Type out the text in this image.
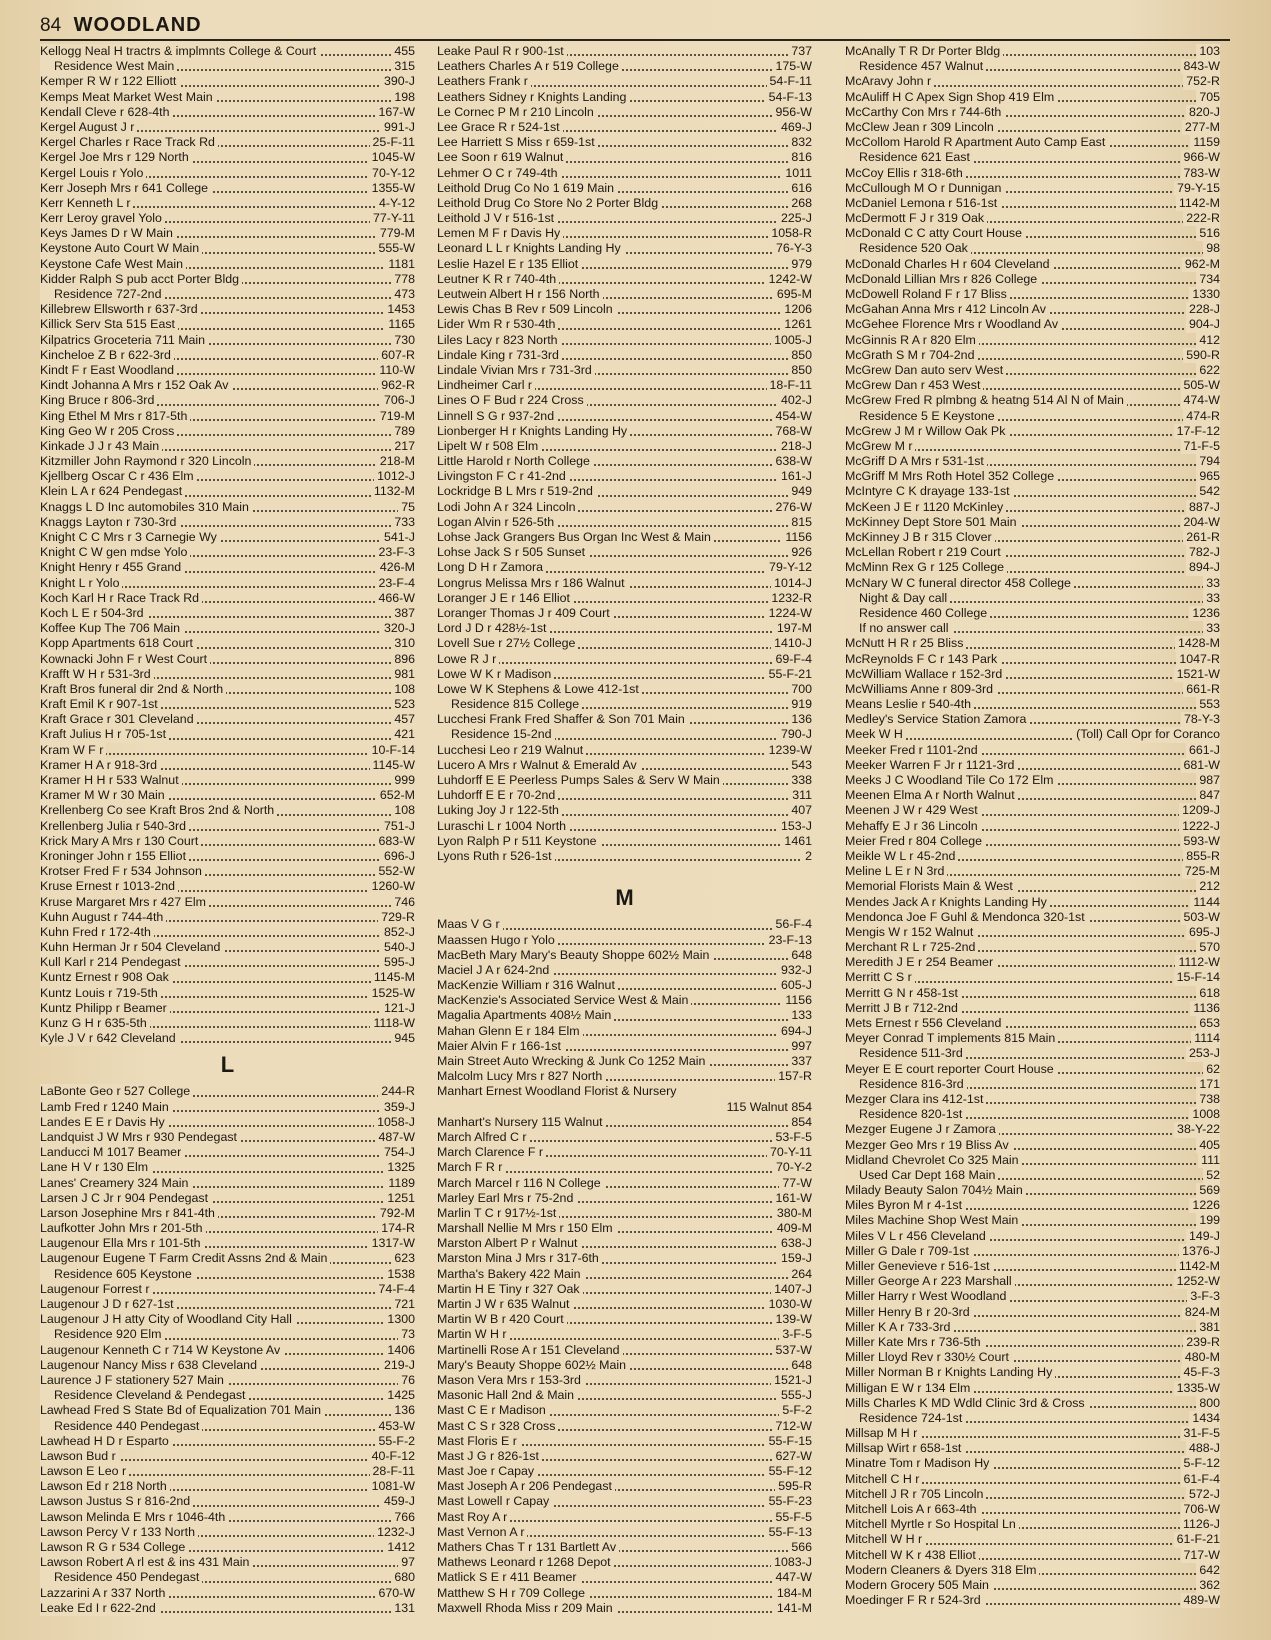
84 WOODLAND
Kellogg Neal H tractrs & implmnts College & Court	455
Residence West Main	315
Kemper R W r 122 Elliott	390-J
Kemps Meat Market West Main	198
Kendall Cleve r 628-4th	167-W
Kergel August J r	991-J
Kergel Charles r Race Track Rd	25-F-11
Kergel Joe Mrs r 129 North	1045-W
Kergel Louis r Yolo	70-Y-12
Kerr Joseph Mrs r 641 College	1355-W
Kerr Kenneth L r	4-Y-12
Kerr Leroy gravel Yolo	77-Y-11
Keys James D r W Main	779-M
Keystone Auto Court W Main	555-W
Keystone Cafe West Main	1181
Kidder Ralph S pub acct Porter Bldg	778
Residence 727-2nd	473
Killebrew Ellsworth r 637-3rd	1453
Killick Serv Sta 515 East	1165
Kilpatrics Groceteria 711 Main	730
Kincheloe Z B r 622-3rd	607-R
Kindt F r East Woodland	110-W
Kindt Johanna A Mrs r 152 Oak Av	962-R
King Bruce r 806-3rd	706-J
King Ethel M Mrs r 817-5th	719-M
King Geo W r 205 Cross	789
Kinkade J J r 43 Main	217
Kitzmiller John Raymond r 320 Lincoln	218-M
Kjellberg Oscar C r 436 Elm	1012-J
Klein L A r 624 Pendegast	1132-M
Knaggs L D Inc automobiles 310 Main	75
Knaggs Layton r 730-3rd	733
Knight C C Mrs r 3 Carnegie Wy	541-J
Knight C W gen mdse Yolo	23-F-3
Knight Henry r 455 Grand	426-M
Knight L r Yolo	23-F-4
Koch Karl H r Race Track Rd	466-W
Koch L E r 504-3rd	387
Koffee Kup The 706 Main	320-J
Kopp Apartments 618 Court	310
Kownacki John F r West Court	896
Krafft W H r 531-3rd	981
Kraft Bros funeral dir 2nd & North	108
Kraft Emil K r 907-1st	523
Kraft Grace r 301 Cleveland	457
Kraft Julius H r 705-1st	421
Kram W F r	10-F-14
Kramer H A r 918-3rd	1145-W
Kramer H H r 533 Walnut	999
Kramer M W r 30 Main	652-M
Krellenberg Co see Kraft Bros 2nd & North	108
Krellenberg Julia r 540-3rd	751-J
Krick Mary A Mrs r 130 Court	683-W
Kroninger John r 155 Elliot	696-J
Krotser Fred F r 534 Johnson	552-W
Kruse Ernest r 1013-2nd	1260-W
Kruse Margaret Mrs r 427 Elm	746
Kuhn August r 744-4th	729-R
Kuhn Fred r 172-4th	852-J
Kuhn Herman Jr r 504 Cleveland	540-J
Kull Karl r 214 Pendegast	595-J
Kuntz Ernest r 908 Oak	1145-M
Kuntz Louis r 719-5th	1525-W
Kuntz Philipp r Beamer	121-J
Kunz G H r 635-5th	1118-W
Kyle J V r 642 Cleveland	945
L
LaBonte Geo r 527 College	244-R
Lamb Fred r 1240 Main	359-J
Landes E E r Davis Hy	1058-J
Landquist J W Mrs r 930 Pendegast	487-W
Landucci M 1017 Beamer	754-J
Lane H V r 130 Elm	1325
Lanes' Creamery 324 Main	1189
Larsen J C Jr r 904 Pendegast	1251
Larson Josephine Mrs r 841-4th	792-M
Laufkotter John Mrs r 201-5th	174-R
Laugenour Ella Mrs r 101-5th	1317-W
Laugenour Eugene T Farm Credit Assns 2nd & Main	623
Residence 605 Keystone	1538
Laugenour Forrest r	74-F-4
Laugenour J D r 627-1st	721
Laugenour J H atty City of Woodland City Hall	1300
Residence 920 Elm	73
Laugenour Kenneth C r 714 W Keystone Av	1406
Laugenour Nancy Miss r 638 Cleveland	219-J
Laurence J F stationery 527 Main	76
Residence Cleveland & Pendegast	1425
Lawhead Fred S State Bd of Equalization 701 Main	136
Residence 440 Pendegast	453-W
Lawhead H D r Esparto	55-F-2
Lawson Bud r	40-F-12
Lawson E Leo r	28-F-11
Lawson Ed r 218 North	1081-W
Lawson Justus S r 816-2nd	459-J
Lawson Melinda E Mrs r 1046-4th	766
Lawson Percy V r 133 North	1232-J
Lawson R G r 534 College	1412
Lawson Robert A rl est & ins 431 Main	97
Residence 450 Pendegast	680
Lazzarini A r 337 North	670-W
Leake Ed I r 622-2nd	131
Leake Paul R r 900-1st	737
Leathers Charles A r 519 College	175-W
Leathers Frank r	54-F-11
Leathers Sidney r Knights Landing	54-F-13
Le Cornec P M r 210 Lincoln	956-W
Lee Grace R r 524-1st	469-J
Lee Harriett S Miss r 659-1st	832
Lee Soon r 619 Walnut	816
Lehmer O C r 749-4th	1011
Leithold Drug Co No 1 619 Main	616
Leithold Drug Co Store No 2 Porter Bldg	268
Leithold J V r 516-1st	225-J
Lemen M F r Davis Hy	1058-R
Leonard L L r Knights Landing Hy	76-Y-3
Leslie Hazel E r 135 Elliot	979
Leutner K R r 740-4th	1242-W
Leutwein Albert H r 156 North	695-M
Lewis Chas B Rev r 509 Lincoln	1206
Lider Wm R r 530-4th	1261
Liles Lacy r 823 North	1005-J
Lindale King r 731-3rd	850
Lindale Vivian Mrs r 731-3rd	850
Lindheimer Carl r	18-F-11
Lines O F Bud r 224 Cross	402-J
Linnell S G r 937-2nd	454-W
Lionberger H r Knights Landing Hy	768-W
Lipelt W r 508 Elm	218-J
Little Harold r North College	638-W
Livingston F C r 41-2nd	161-J
Lockridge B L Mrs r 519-2nd	949
Lodi John A r 324 Lincoln	276-W
Logan Alvin r 526-5th	815
Lohse Jack Grangers Bus Organ Inc West & Main	1156
Lohse Jack S r 505 Sunset	926
Long D H r Zamora	79-Y-12
Longrus Melissa Mrs r 186 Walnut	1014-J
Loranger J E r 146 Elliot	1232-R
Loranger Thomas J r 409 Court	1224-W
Lord J D r 428½-1st	197-M
Lovell Sue r 27½ College	1410-J
Lowe R J r	69-F-4
Lowe W K r Madison	55-F-21
Lowe W K Stephens & Lowe 412-1st	700
Residence 815 College	919
Lucchesi Frank Fred Shaffer & Son 701 Main	136
Residence 15-2nd	790-J
Lucchesi Leo r 219 Walnut	1239-W
Lucero A Mrs r Walnut & Emerald Av	543
Luhdorff E E Peerless Pumps Sales & Serv W Main	338
Luhdorff E E r 70-2nd	311
Luking Joy J r 122-5th	407
Luraschi L r 1004 North	153-J
Lyon Ralph P r 511 Keystone	1461
Lyons Ruth r 526-1st	2
M
Maas V G r	56-F-4
Maassen Hugo r Yolo	23-F-13
MacBeth Mary Mary's Beauty Shoppe 602½ Main	648
Maciel J A r 624-2nd	932-J
MacKenzie William r 316 Walnut	605-J
MacKenzie's Associated Service West & Main	1156
Magalia Apartments 408½ Main	133
Mahan Glenn E r 184 Elm	694-J
Maier Alvin F r 166-1st	997
Main Street Auto Wrecking & Junk Co 1252 Main	337
Malcolm Lucy Mrs r 827 North	157-R
Manhart Ernest Woodland Florist & Nursery
115 Walnut 854
Manhart's Nursery 115 Walnut	854
March Alfred C r	53-F-5
March Clarence F r	70-Y-11
March F R r	70-Y-2
March Marcel r 116 N College	77-W
Marley Earl Mrs r 75-2nd	161-W
Marlin T C r 917½-1st	380-M
Marshall Nellie M Mrs r 150 Elm	409-M
Marston Albert P r Walnut	638-J
Marston Mina J Mrs r 317-6th	159-J
Martha's Bakery 422 Main	264
Martin H E Tiny r 327 Oak	1407-J
Martin J W r 635 Walnut	1030-W
Martin W B r 420 Court	139-W
Martin W H r	3-F-5
Martinelli Rose A r 151 Cleveland	537-W
Mary's Beauty Shoppe 602½ Main	648
Mason Vera Mrs r 153-3rd	1521-J
Masonic Hall 2nd & Main	555-J
Mast C E r Madison	5-F-2
Mast C S r 328 Cross	712-W
Mast Floris E r	55-F-15
Mast J G r 826-1st	627-W
Mast Joe r Capay	55-F-12
Mast Joseph A r 206 Pendegast	595-R
Mast Lowell r Capay	55-F-23
Mast Roy A r	55-F-5
Mast Vernon A r	55-F-13
Mathers Chas T r 131 Bartlett Av	566
Mathews Leonard r 1268 Depot	1083-J
Matlick S E r 411 Beamer	447-W
Matthew S H r 709 College	184-M
Maxwell Rhoda Miss r 209 Main	141-M
McAnally T R Dr Porter Bldg	103
Residence 457 Walnut	843-W
McAravy John r	752-R
McAuliff H C Apex Sign Shop 419 Elm	705
McCarthy Con Mrs r 744-6th	820-J
McClew Jean r 309 Lincoln	277-M
McCollom Harold R Apartment Auto Camp East	1159
Residence 621 East	966-W
McCoy Ellis r 318-6th	783-W
McCullough M O r Dunnigan	79-Y-15
McDaniel Lemona r 516-1st	1142-M
McDermott F J r 319 Oak	222-R
McDonald C C atty Court House	516
Residence 520 Oak	98
McDonald Charles H r 604 Cleveland	962-M
McDonald Lillian Mrs r 826 College	734
McDowell Roland F r 17 Bliss	1330
McGahan Anna Mrs r 412 Lincoln Av	228-J
McGehee Florence Mrs r Woodland Av	904-J
McGinnis R A r 820 Elm	412
McGrath S M r 704-2nd	590-R
McGrew Dan auto serv West	622
McGrew Dan r 453 West	505-W
McGrew Fred R plmbng & heatng 514 Al N of Main	474-W
Residence 5 E Keystone	474-R
McGrew J M r Willow Oak Pk	17-F-12
McGrew M r	71-F-5
McGriff D A Mrs r 531-1st	794
McGriff M Mrs Roth Hotel 352 College	965
McIntyre C K drayage 133-1st	542
McKeen J E r 1120 McKinley	887-J
McKinney Dept Store 501 Main	204-W
McKinney J B r 315 Clover	261-R
McLellan Robert r 219 Court	782-J
McMinn Rex G r 125 College	894-J
McNary W C funeral director 458 College	33
Night & Day call	33
Residence 460 College	1236
If no answer call	33
McNutt H R r 25 Bliss	1428-M
McReynolds F C r 143 Park	1047-R
McWilliam Wallace r 152-3rd	1521-W
McWilliams Anne r 809-3rd	661-R
Means Leslie r 540-4th	553
Medley's Service Station Zamora	78-Y-3
Meek W H	(Toll) Call Opr for Coranco
Meeker Fred r 1101-2nd	661-J
Meeker Warren F Jr r 1121-3rd	681-W
Meeks J C Woodland Tile Co 172 Elm	987
Meenen Elma A r North Walnut	847
Meenen J W r 429 West	1209-J
Mehaffy E J r 36 Lincoln	1222-J
Meier Fred r 804 College	593-W
Meikle W L r 45-2nd	855-R
Meline L E r N 3rd	725-M
Memorial Florists Main & West	212
Mendes Jack A r Knights Landing Hy	1144
Mendonca Joe F Guhl & Mendonca 320-1st	503-W
Mengis W r 152 Walnut	695-J
Merchant R L r 725-2nd	570
Meredith J E r 254 Beamer	1112-W
Merritt C S r	15-F-14
Merritt G N r 458-1st	618
Merritt J B r 712-2nd	1136
Mets Ernest r 556 Cleveland	653
Meyer Conrad T implements 815 Main	1114
Residence 511-3rd	253-J
Meyer E E court reporter Court House	62
Residence 816-3rd	171
Mezger Clara ins 412-1st	738
Residence 820-1st	1008
Mezger Eugene J r Zamora	38-Y-22
Mezger Geo Mrs r 19 Bliss Av	405
Midland Chevrolet Co 325 Main	111
Used Car Dept 168 Main	52
Milady Beauty Salon 704½ Main	569
Miles Byron M r 4-1st	1226
Miles Machine Shop West Main	199
Miles V L r 456 Cleveland	149-J
Miller G Dale r 709-1st	1376-J
Miller Genevieve r 516-1st	1142-M
Miller George A r 223 Marshall	1252-W
Miller Harry r West Woodland	3-F-3
Miller Henry B r 20-3rd	824-M
Miller K A r 733-3rd	381
Miller Kate Mrs r 736-5th	239-R
Miller Lloyd Rev r 330½ Court	480-M
Miller Norman B r Knights Landing Hy	45-F-3
Milligan E W r 134 Elm	1335-W
Mills Charles K MD Wdld Clinic 3rd & Cross	800
Residence 724-1st	1434
Millsap M H r	31-F-5
Millsap Wirt r 658-1st	488-J
Minatre Tom r Madison Hy	5-F-12
Mitchell C H r	61-F-4
Mitchell J R r 705 Lincoln	572-J
Mitchell Lois A r 663-4th	706-W
Mitchell Myrtle r So Hospital Ln	1126-J
Mitchell W H r	61-F-21
Mitchell W K r 438 Elliot	717-W
Modern Cleaners & Dyers 318 Elm	642
Modern Grocery 505 Main	362
Moedinger F R r 524-3rd	489-W
